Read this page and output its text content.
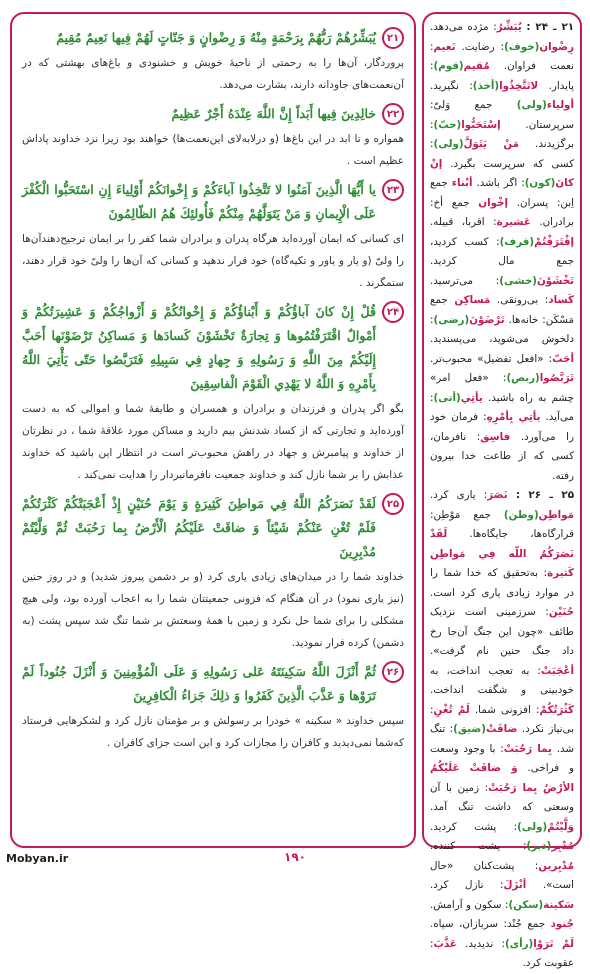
۲۱
يُبَشِّرُهُمْ رَبُّهُمْ بِرَحْمَةٍ مِنْهُ وَ رِضْوانٍ وَ جَنّاتٍ لَهُمْ فِيها نَعِيمٌ مُقِيمٌ

پروردگار، آن‌ها را به رحمتی از ناحیهٔ خویش و خشنودی و باغ‌های بهشتی که در آن‌نعمت‌های جاودانه دارند، بشارت می‌دهد.

۲۲
خالِدِينَ فِيها أَبَداً إِنَّ اللَّهَ عِنْدَهُ أَجْرٌ عَظِيمٌ

همواره و تا ابد در این باغ‌ها (و درلابه‌لای این‌نعمت‌ها) خواهند بود زیرا نزد خداوند پاداش عظیم است .

۲۳
يا أَيُّهَا الَّذِينَ آمَنُوا لا تَتَّخِذُوا آباءَكُمْ وَ إِخْوانَكُمْ أَوْلِياءَ إِنِ اسْتَحَبُّوا الْكُفْرَ عَلَى الْإِيمانِ وَ مَنْ يَتَوَلَّهُمْ مِنْكُمْ فَأُولئِكَ هُمُ الظّالِمُونَ

ای کسانی که ایمان آورده‌اید هرگاه پدران و برادران شما کفر را بر ایمان ترجیح‌دهند‌آن‌ها را ولیّ (و یار و یاور و تکیه‌گاه) خود قرار ندهید و کسانی که آن‌ها را ولیّ خود قرار دهند، ستمگرند .

۲۴
قُلْ إِنْ كانَ آباؤُكُمْ وَ أَبْناؤُكُمْ وَ إِخْوانُكُمْ وَ أَزْواجُكُمْ وَ عَشِيرَتُكُمْ وَ أَمْوالٌ اقْتَرَفْتُمُوها وَ تِجارَةٌ تَخْشَوْنَ كَسادَها وَ مَساكِنُ تَرْضَوْنَها أَحَبَّ إِلَيْكُمْ مِنَ اللَّهِ وَ رَسُولِهِ وَ جِهادٍ فِي سَبِيلِهِ فَتَرَبَّصُوا حَتّى يَأْتِيَ اللَّهُ بِأَمْرِهِ وَ اللَّهُ لا يَهْدِي الْقَوْمَ الْفاسِقِينَ

بگو اگر پدران و فرزندان و برادران و همسران و طایفهٔ شما و اموالی که به دست آورده‌اید و تجارتی که از کساد شدنش بیم دارید و مساکن مورد علاقهٔ شما ، در نظرتان از خداوند و پیامبرش و جهاد در راهش محبوب‌تر است در انتظار این باشید که خداوند عذابش را بر شما نازل کند و خداوند جمعیت نافرمانبردار را هدایت نمی‌کند .

۲۵
لَقَدْ نَصَرَكُمُ اللَّهُ فِي مَواطِنَ كَثِيرَةٍ وَ يَوْمَ حُنَيْنٍ إِذْ أَعْجَبَتْكُمْ كَثْرَتُكُمْ فَلَمْ تُغْنِ عَنْكُمْ شَيْئاً وَ ضاقَتْ عَلَيْكُمُ الْأَرْضُ بِما رَحُبَتْ ثُمَّ وَلَّيْتُمْ مُدْبِرِينَ

خداوند شما را در میدان‌های زیادی یاری کرد (و بر دشمن پیروز شدید) و در روز حنین (نیز یاری نمود) در آن هنگام که فزونی جمعیتتان شما را به اعجاب آورده بود، ولی هیچ مشکلی را برای شما حل نکرد و زمین با همهٔ وسعتش بر شما تنگ شد سپس پشت (به دشمن) کرده فرار نمودید.

۲۶
ثُمَّ أَنْزَلَ اللَّهُ سَكِينَتَهُ عَلى رَسُولِهِ وَ عَلَى الْمُؤْمِنِينَ وَ أَنْزَلَ جُنُوداً لَمْ تَرَوْها وَ عَذَّبَ الَّذِينَ كَفَرُوا وَ ذلِكَ جَزاءُ الْكافِرِينَ

سپس خداوند « سکینه » خودرا بر رسولش و بر مؤمنان نازل کرد و لشکرهایی فرستاد که‌شما نمی‌دیدید و کافران را مجازات کرد و این است جزای کافران .

۲۱ ـ ۲۴ : يُبَشِّرُ: مژده می‌دهد. رِضْوان(خوف): رضایت. نَعيم: نعمت فراوان. مُقيم(قوم): پایدار. لاتَتَّخِذُوا(أخذ): نگیرید. أولياء(ولی) جمع وَلیّ: سرپرستان. إسْتَحَبُّوا(حبّ): برگزیدند. مَنْ يَتَوَلَّ(ولی): کسی که سرپرست بگیرد. إنْ كانَ(كون): اگر باشد. أبْناء جمع اِبن: پسران. إخْوان جمع أخ: برادران. عَشيرة: اقربا، قبیله. إقْتَرَفْتُمْ(قرف): کسب کردید، جمع مال کردید. تَخْشَوْنَ(خشی): می‌ترسید. كَساد: بی‌رونقی. مَساكِن جمع مَسْكَن: خانه‌ها. تَرْضَوْنَ(رضی): دلخوش می‌شوید، می‌پسندید. أحَبّ: «افعل تفضیل» محبوب‌تر. تَرَبَّصُوا(ربص): «فعل امر» چشم به راه باشید. يأتِي(أتی): می‌آید. يأتِي بِأمْرِهِ: فرمان خود را می‌آورد. فاسِق: نافرمان، کسی که از طاعت خدا بیرون رفته.

۲۵ ـ ۲۶ : نَصَرَ: یاری کرد. مَواطِن(وطن) جمع مَوْطِن: قرارگاه‌ها، جایگاه‌ها. لَقَدْ نَصَرَكُمُ اللّه فِي مَواطِن كَثيرة: به‌تحقیق که خدا شما را در موارد زیادی یاری کرد است. حُنَيْن: سرزمینی است نزدیک طائف «چون این جنگ آن‌جا رخ داد جنگ حنین نام گرفت». أعْجَبَتْ: به تعجب انداخت، به خودبینی و شگفت انداخت. كَثْرَتُكُمْ: افزونی شما. لَمْ تُغْنِ: بی‌نیاز نکرد. ضاقَتْ(ضیق): تنگ شد. بِما رَحُبَتْ: با وجود وسعت و فراخی. وَ ضاقَتْ عَلَيْكُمُ الأرْضُ بِما رَحُبَتْ: زمین با آن وسعتی که داشت تنگ آمد. وَلَّيْتُمْ(ولی): پشت کردید. مُدْبِر(دبر): پشت کننده. مُدْبِرين: پشت‌کنان «حال است». أنْزَلَ: نازل کرد. سَكينة(سكن): سکون و آرامش. جُنود جمع جُنْد: سربازان، سپاه. لَمْ تَرَوْا(رأی): ندیدید. عَذَّبَ: عقوبت کرد.

Mobyan.ir	۱۹۰
